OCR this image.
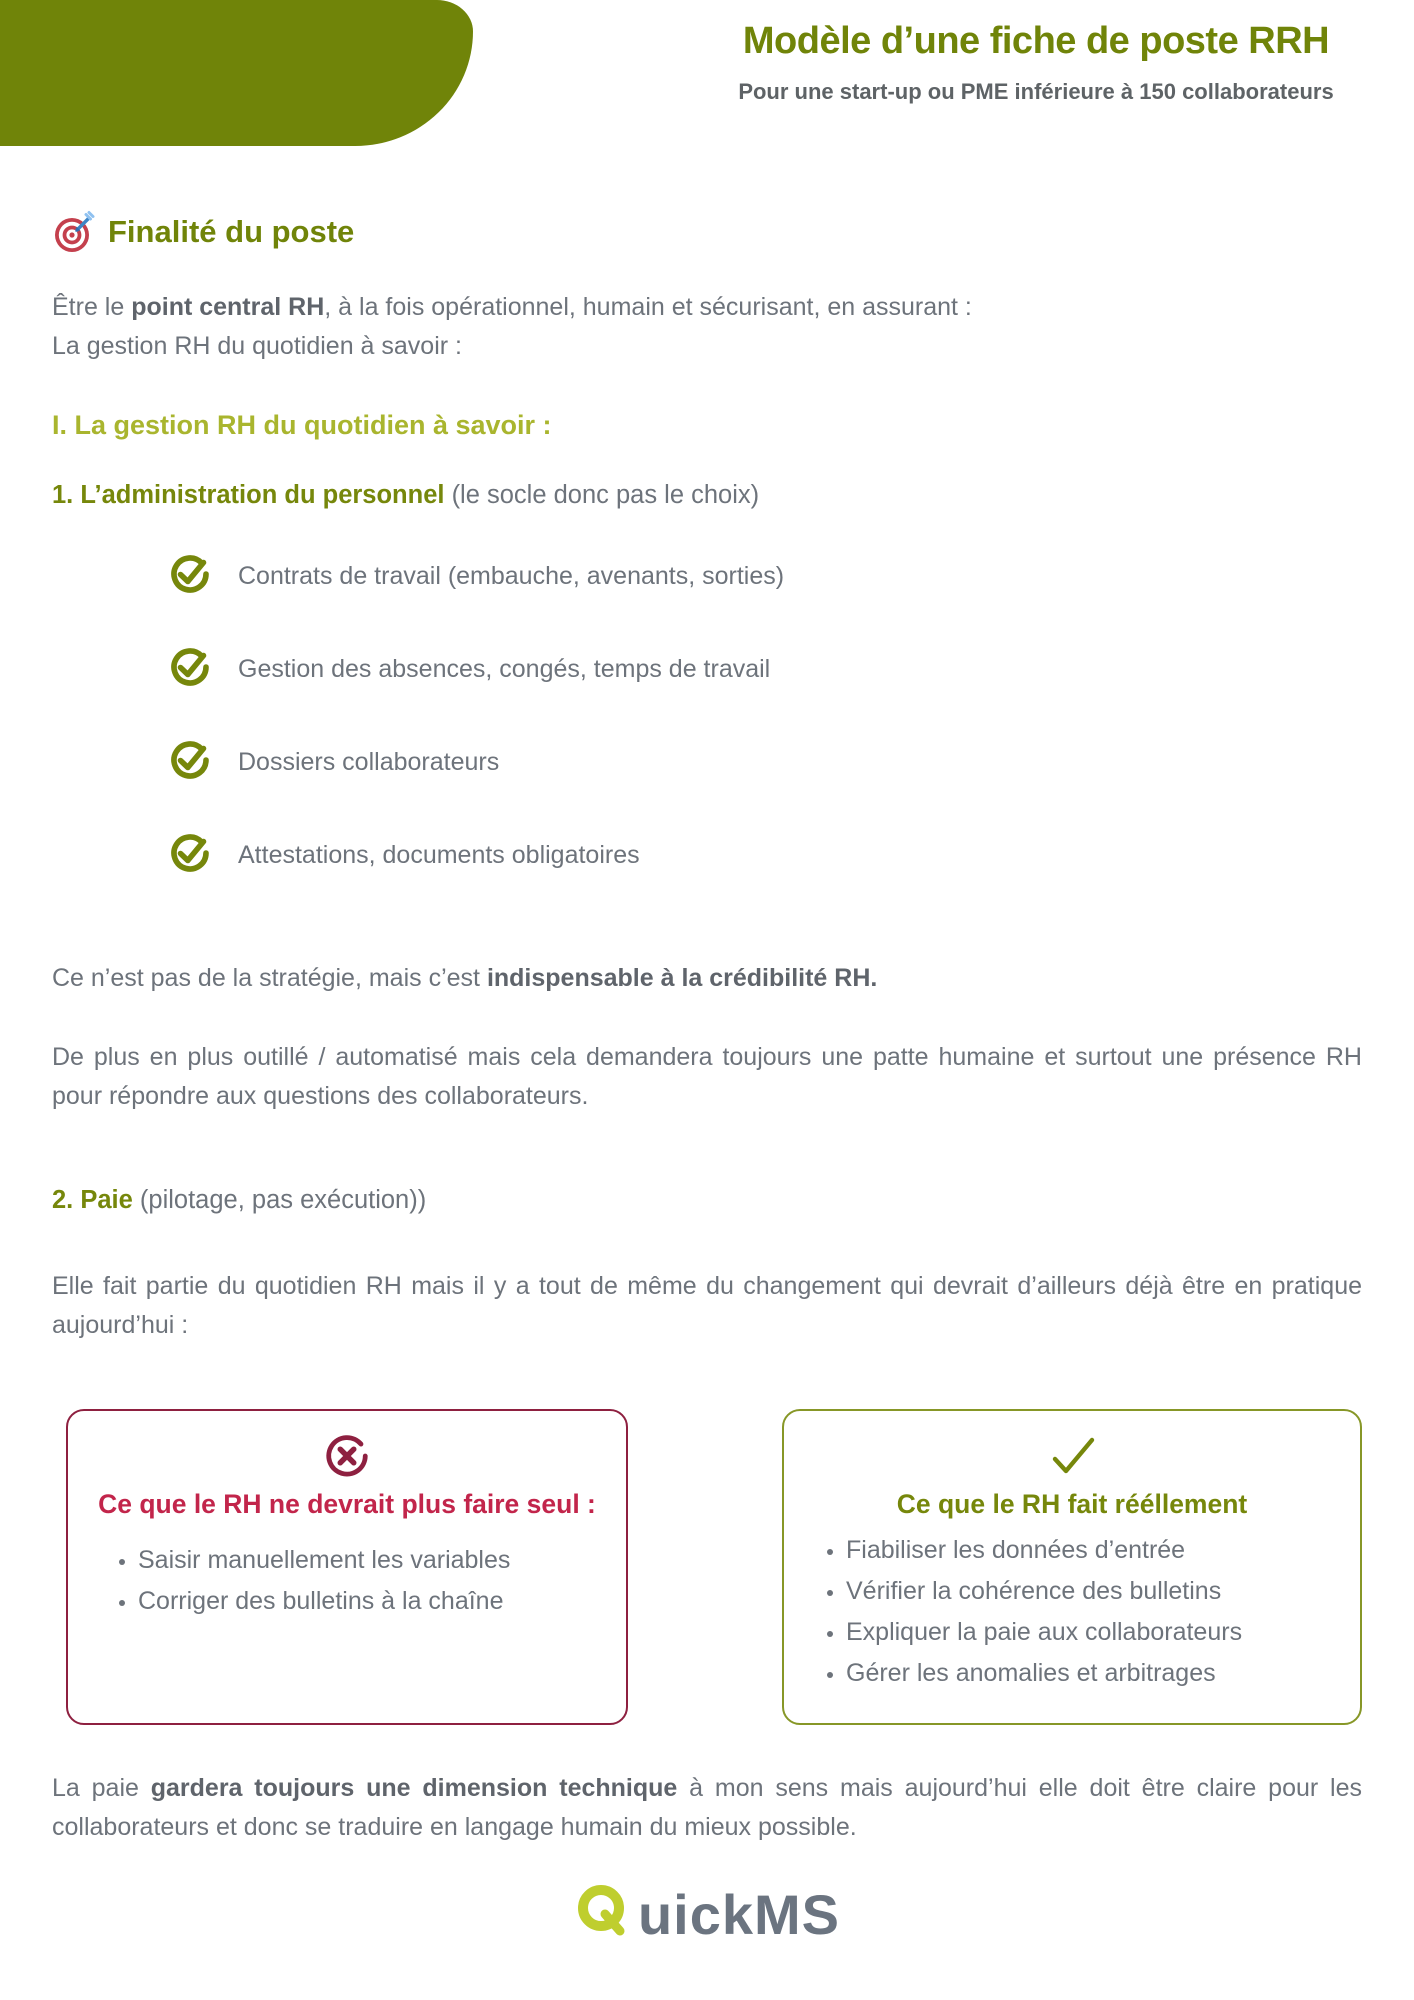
Modèle d’une fiche de poste RRH
Pour une start-up ou PME inférieure à 150 collaborateurs
Finalité du poste

Être le point central RH, à la fois opérationnel, humain et sécurisant, en assurant :
La gestion RH du quotidien à savoir :

I. La gestion RH du quotidien à savoir :

1. L’administration du personnel (le socle donc pas le choix)

Contrats de travail (embauche, avenants, sorties)
Gestion des absences, congés, temps de travail
Dossiers collaborateurs
Attestations, documents obligatoires

Ce n’est pas de la stratégie, mais c’est indispensable à la crédibilité RH.

De plus en plus outillé / automatisé mais cela demandera toujours une patte humaine et surtout une présence RH pour répondre aux questions des collaborateurs.

2. Paie (pilotage, pas exécution))

Elle fait partie du quotidien RH mais il y a tout de même du changement qui devrait d’ailleurs déjà être en pratique aujourd’hui :

Ce que le RH ne devrait plus faire seul :
• Saisir manuellement les variables
• Corriger des bulletins à la chaîne
Ce que le RH fait rééllement
• Fiabiliser les données d’entrée
• Vérifier la cohérence des bulletins
• Expliquer la paie aux collaborateurs
• Gérer les anomalies et arbitrages

La paie gardera toujours une dimension technique à mon sens mais aujourd’hui elle doit être claire pour les collaborateurs et donc se traduire en langage humain du mieux possible.

uickMS
